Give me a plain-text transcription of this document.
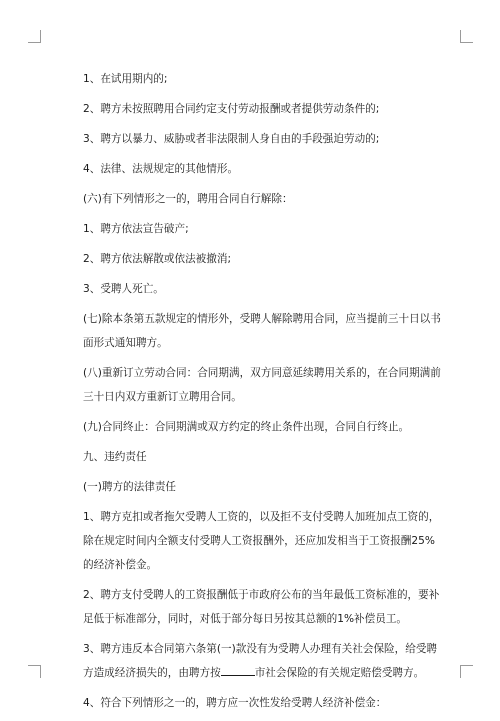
1、在试用期内的;

2、聘方未按照聘用合同约定支付劳动报酬或者提供劳动条件的;

3、聘方以暴力、威胁或者非法限制人身自由的手段强迫劳动的;

4、法律、法规规定的其他情形。

(六)有下列情形之一的，聘用合同自行解除：

1、聘方依法宣告破产;

2、聘方依法解散或依法被撤消;

3、受聘人死亡。

(七)除本条第五款规定的情形外，受聘人解除聘用合同，应当提前三十日以书面形式通知聘方。

(八)重新订立劳动合同：合同期满，双方同意延续聘用关系的，在合同期满前三十日内双方重新订立聘用合同。

(九)合同终止：合同期满或双方约定的终止条件出现，合同自行终止。

九、违约责任

(一)聘方的法律责任

1、聘方克扣或者拖欠受聘人工资的，以及拒不支付受聘人加班加点工资的，除在规定时间内全额支付受聘人工资报酬外，还应加发相当于工资报酬25%的经济补偿金。

2、聘方支付受聘人的工资报酬低于市政府公布的当年最低工资标准的，要补足低于标准部分，同时，对低于部分每日另按其总额的1%补偿员工。

3、聘方违反本合同第六条第(一)款没有为受聘人办理有关社会保险，给受聘方造成经济损失的，由聘方按	市社会保险的有关规定赔偿受聘方。

4、符合下列情形之一的，聘方应一次性发给受聘人经济补偿金：
